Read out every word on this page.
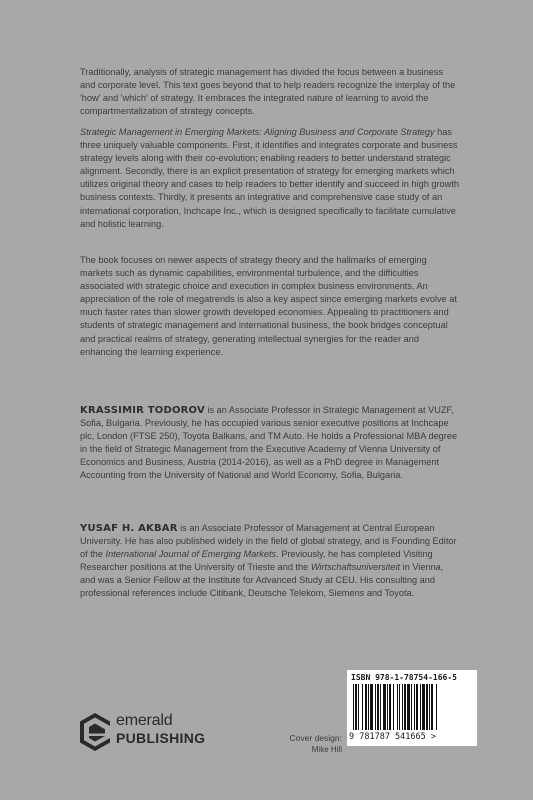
Traditionally, analysis of strategic management has divided the focus between a business and corporate level. This text goes beyond that to help readers recognize the interplay of the 'how' and 'which' of strategy. It embraces the integrated nature of learning to avoid the compartmentalization of strategy concepts.

Strategic Management in Emerging Markets: Aligning Business and Corporate Strategy has three uniquely valuable components. First, it identifies and integrates corporate and business strategy levels along with their co-evolution; enabling readers to better understand strategic alignment. Secondly, there is an explicit presentation of strategy for emerging markets which utilizes original theory and cases to help readers to better identify and succeed in high growth business contexts. Thirdly, it presents an integrative and comprehensive case study of an international corporation, Inchcape Inc., which is designed specifically to facilitate cumulative and holistic learning.

The book focuses on newer aspects of strategy theory and the hallmarks of emerging markets such as dynamic capabilities, environmental turbulence, and the difficulties associated with strategic choice and execution in complex business environments. An appreciation of the role of megatrends is also a key aspect since emerging markets evolve at much faster rates than slower growth developed economies. Appealing to practitioners and students of strategic management and international business, the book bridges conceptual and practical realms of strategy, generating intellectual synergies for the reader and enhancing the learning experience.

KRASSIMIR TODOROV is an Associate Professor in Strategic Management at VUZF, Sofia, Bulgaria. Previously, he has occupied various senior executive positions at Inchcape plc, London (FTSE 250), Toyota Balkans, and TM Auto. He holds a Professional MBA degree in the field of Strategic Management from the Executive Academy of Vienna University of Economics and Business, Austria (2014-2016), as well as a PhD degree in Management Accounting from the University of National and World Economy, Sofia, Bulgaria.

YUSAF H. AKBAR is an Associate Professor of Management at Central European University. He has also published widely in the field of global strategy, and is Founding Editor of the International Journal of Emerging Markets. Previously, he has completed Visiting Researcher positions at the University of Trieste and the Wirtschaftsuniversiteit in Vienna, and was a Senior Fellow at the Institute for Advanced Study at CEU. His consulting and professional references include Citibank, Deutsche Telekom, Siemens and Toyota.

ISBN 978-1-78754-166-5
9 781787 541665 >
emerald
PUBLISHING	Cover design:
Mike Hill
